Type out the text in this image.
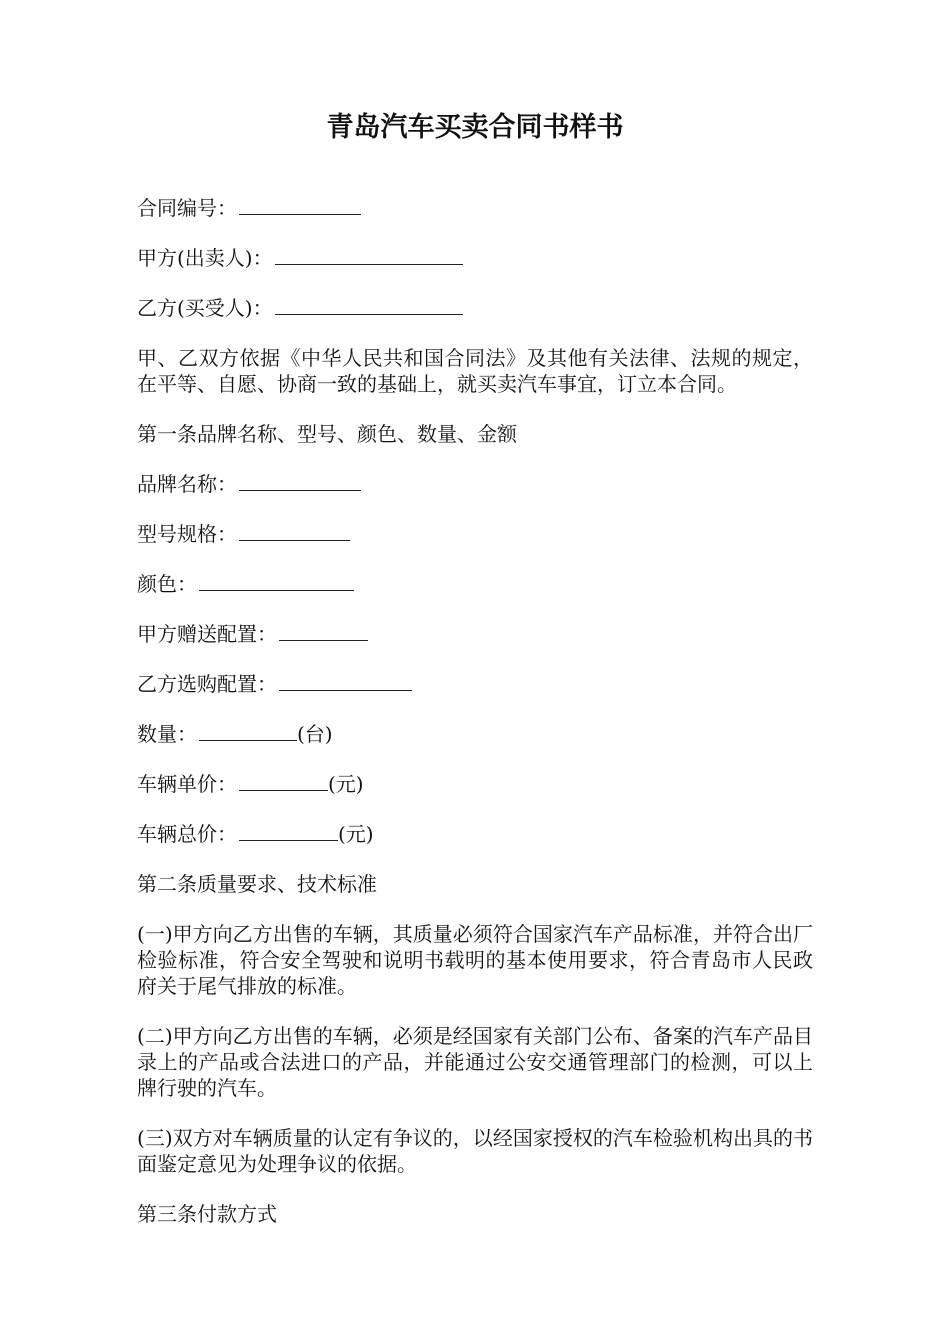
青岛汽车买卖合同书样书
合同编号：
甲方(出卖人)：
乙方(买受人)：
甲、乙双方依据《中华人民共和国合同法》及其他有关法律、法规的规定，在平等、自愿、协商一致的基础上，就买卖汽车事宜，订立本合同。
第一条品牌名称、型号、颜色、数量、金额
品牌名称：
型号规格：
颜色：
甲方赠送配置：
乙方选购配置：
数量：	(台)
车辆单价：	(元)
车辆总价：	(元)
第二条质量要求、技术标准
(一)甲方向乙方出售的车辆，其质量必须符合国家汽车产品标准，并符合出厂检验标准，符合安全驾驶和说明书载明的基本使用要求，符合青岛市人民政府关于尾气排放的标准。
(二)甲方向乙方出售的车辆，必须是经国家有关部门公布、备案的汽车产品目录上的产品或合法进口的产品，并能通过公安交通管理部门的检测，可以上牌行驶的汽车。
(三)双方对车辆质量的认定有争议的，以经国家授权的汽车检验机构出具的书面鉴定意见为处理争议的依据。
第三条付款方式
